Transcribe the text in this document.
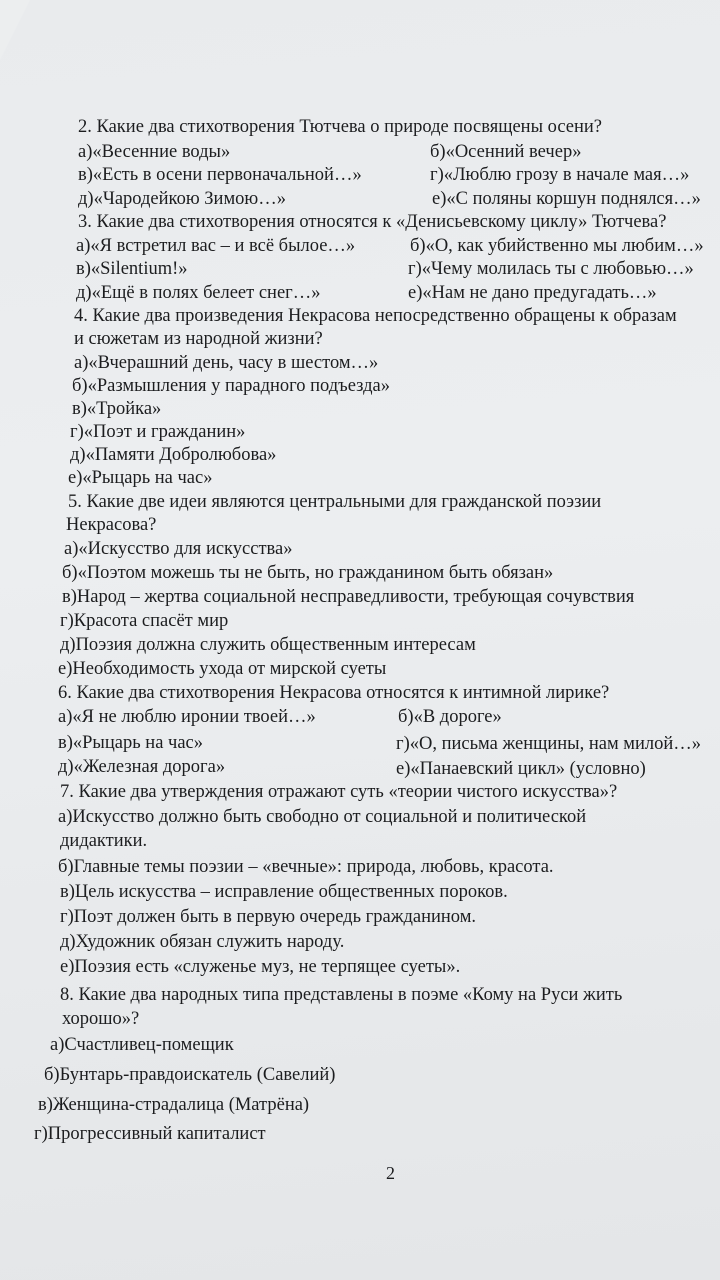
2. Какие два стихотворения Тютчева о природе посвящены осени?
а)«Весенние воды»	б)«Осенний вечер»
в)«Есть в осени первоначальной…»	г)«Люблю грозу в начале мая…»
д)«Чародейкою Зимою…»	е)«С поляны коршун поднялся…»
3. Какие два стихотворения относятся к «Денисьевскому циклу» Тютчева?
а)«Я встретил вас – и всё былое…»	б)«О, как убийственно мы любим…»
в)«Silentium!»	г)«Чему молилась ты с любовью…»
д)«Ещё в полях белеет снег…»	е)«Нам не дано предугадать…»
4. Какие два произведения Некрасова непосредственно обращены к образам
и сюжетам из народной жизни?
а)«Вчерашний день, часу в шестом…»
б)«Размышления у парадного подъезда»
в)«Тройка»
г)«Поэт и гражданин»
д)«Памяти Добролюбова»
е)«Рыцарь на час»
5. Какие две идеи являются центральными для гражданской поэзии
Некрасова?
а)«Искусство для искусства»
б)«Поэтом можешь ты не быть, но гражданином быть обязан»
в)Народ – жертва социальной несправедливости, требующая сочувствия
г)Красота спасёт мир
д)Поэзия должна служить общественным интересам
е)Необходимость ухода от мирской суеты
6. Какие два стихотворения Некрасова относятся к интимной лирике?
а)«Я не люблю иронии твоей…»	б)«В дороге»
в)«Рыцарь на час»	г)«О, письма женщины, нам милой…»
д)«Железная дорога»	е)«Панаевский цикл» (условно)
7. Какие два утверждения отражают суть «теории чистого искусства»?
а)Искусство должно быть свободно от социальной и политической
дидактики.
б)Главные темы поэзии – «вечные»: природа, любовь, красота.
в)Цель искусства – исправление общественных пороков.
г)Поэт должен быть в первую очередь гражданином.
д)Художник обязан служить народу.
е)Поэзия есть «служенье муз, не терпящее суеты».
8. Какие два народных типа представлены в поэме «Кому на Руси жить
хорошо»?
а)Счастливец-помещик
б)Бунтарь-правдоискатель (Савелий)
в)Женщина-страдалица (Матрёна)
г)Прогрессивный капиталист
2
